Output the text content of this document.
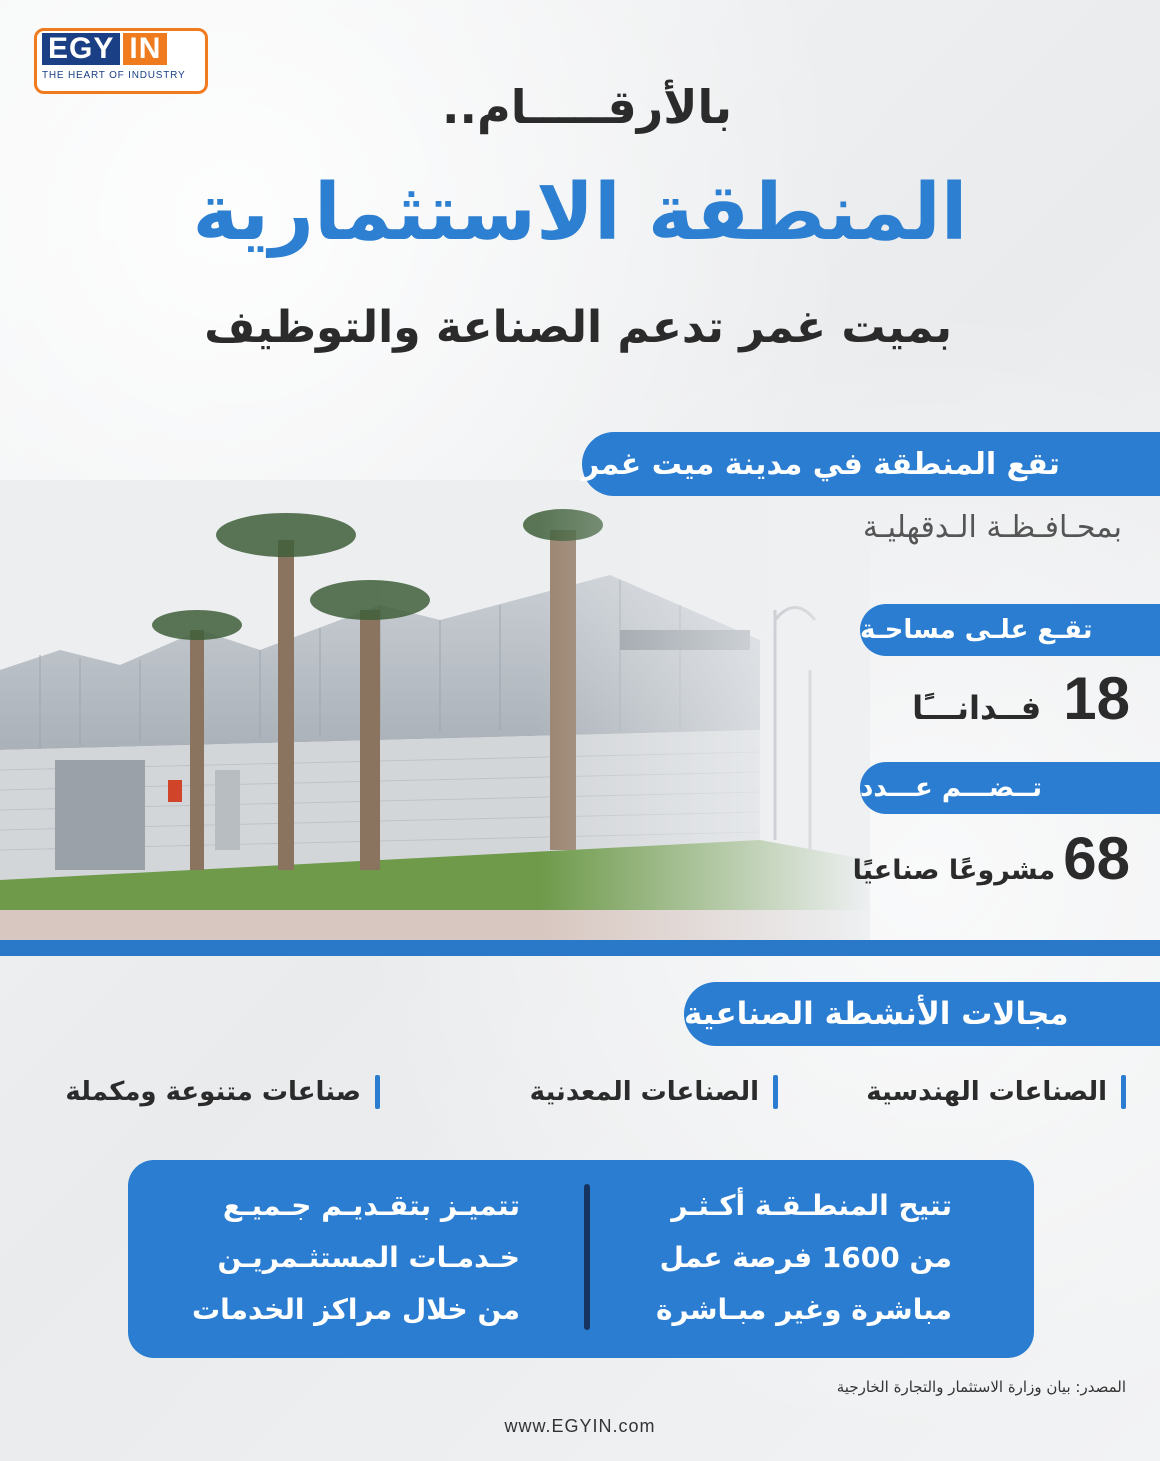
EGY IN
THE HEART OF INDUSTRY
بالأرقـــــام..
المنطقة الاستثمارية
بميت غمر تدعم الصناعة والتوظيف
تقع المنطقة في مدينة ميت غمر
بمحـافـظـة الـدقهليـة
تقـع علـى مساحـة
فــدانـــًا 18
تــضـــم عـــدد
مشروعًا صناعيًا 68
مجالات الأنشطة الصناعية
الصناعات الهندسية
الصناعات المعدنية
صناعات متنوعة ومكملة
تتيح المنطـقـة أكـثـر
من 1600 فرصة عمل
مباشرة وغير مبـاشرة
تتميـز بتقـديـم جـميـع
خـدمـات المستثـمريـن
من خلال مراكز الخدمات
المصدر: بيان وزارة الاستثمار والتجارة الخارجية
www.EGYIN.com
